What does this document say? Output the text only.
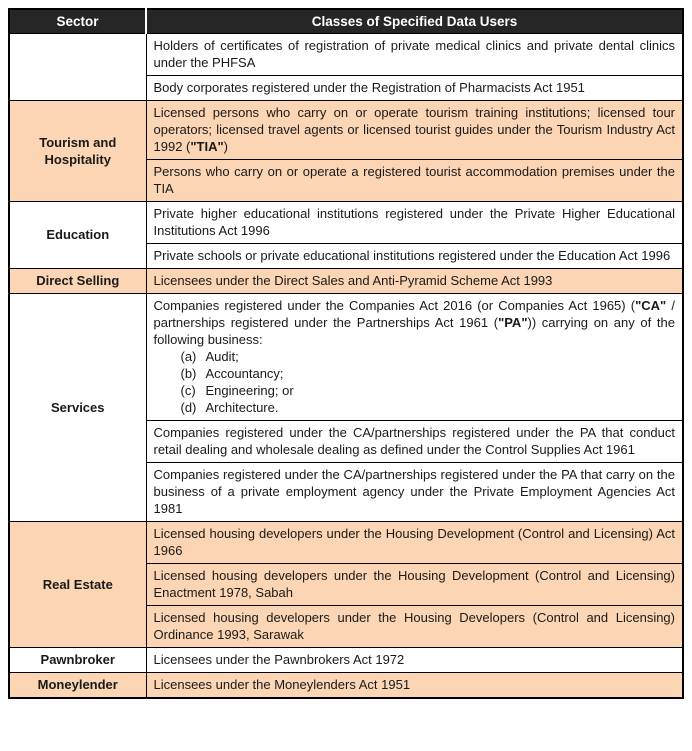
Sector	Classes of Specified Data Users

	Holders of certificates of registration of private medical clinics and private dental clinics under the PHFSA

	Body corporates registered under the Registration of Pharmacists Act 1951

Tourism and Hospitality	Licensed persons who carry on or operate tourism training institutions; licensed tour operators; licensed travel agents or licensed tourist guides under the Tourism Industry Act 1992 ("TIA")

	Persons who carry on or operate a registered tourist accommodation premises under the TIA

Education	Private higher educational institutions registered under the Private Higher Educational Institutions Act 1996

	Private schools or private educational institutions registered under the Education Act 1996

Direct Selling	Licensees under the Direct Sales and Anti-Pyramid Scheme Act 1993

Services	Companies registered under the Companies Act 2016 (or Companies Act 1965) ("CA" / partnerships registered under the Partnerships Act 1961 ("PA")) carrying on any of the following business:
(a) Audit;
(b) Accountancy;
(c) Engineering; or
(d) Architecture.

	Companies registered under the CA/partnerships registered under the PA that conduct retail dealing and wholesale dealing as defined under the Control Supplies Act 1961

	Companies registered under the CA/partnerships registered under the PA that carry on the business of a private employment agency under the Private Employment Agencies Act 1981

Real Estate	Licensed housing developers under the Housing Development (Control and Licensing) Act 1966

	Licensed housing developers under the Housing Development (Control and Licensing) Enactment 1978, Sabah

	Licensed housing developers under the Housing Developers (Control and Licensing) Ordinance 1993, Sarawak

Pawnbroker	Licensees under the Pawnbrokers Act 1972

Moneylender	Licensees under the Moneylenders Act 1951
